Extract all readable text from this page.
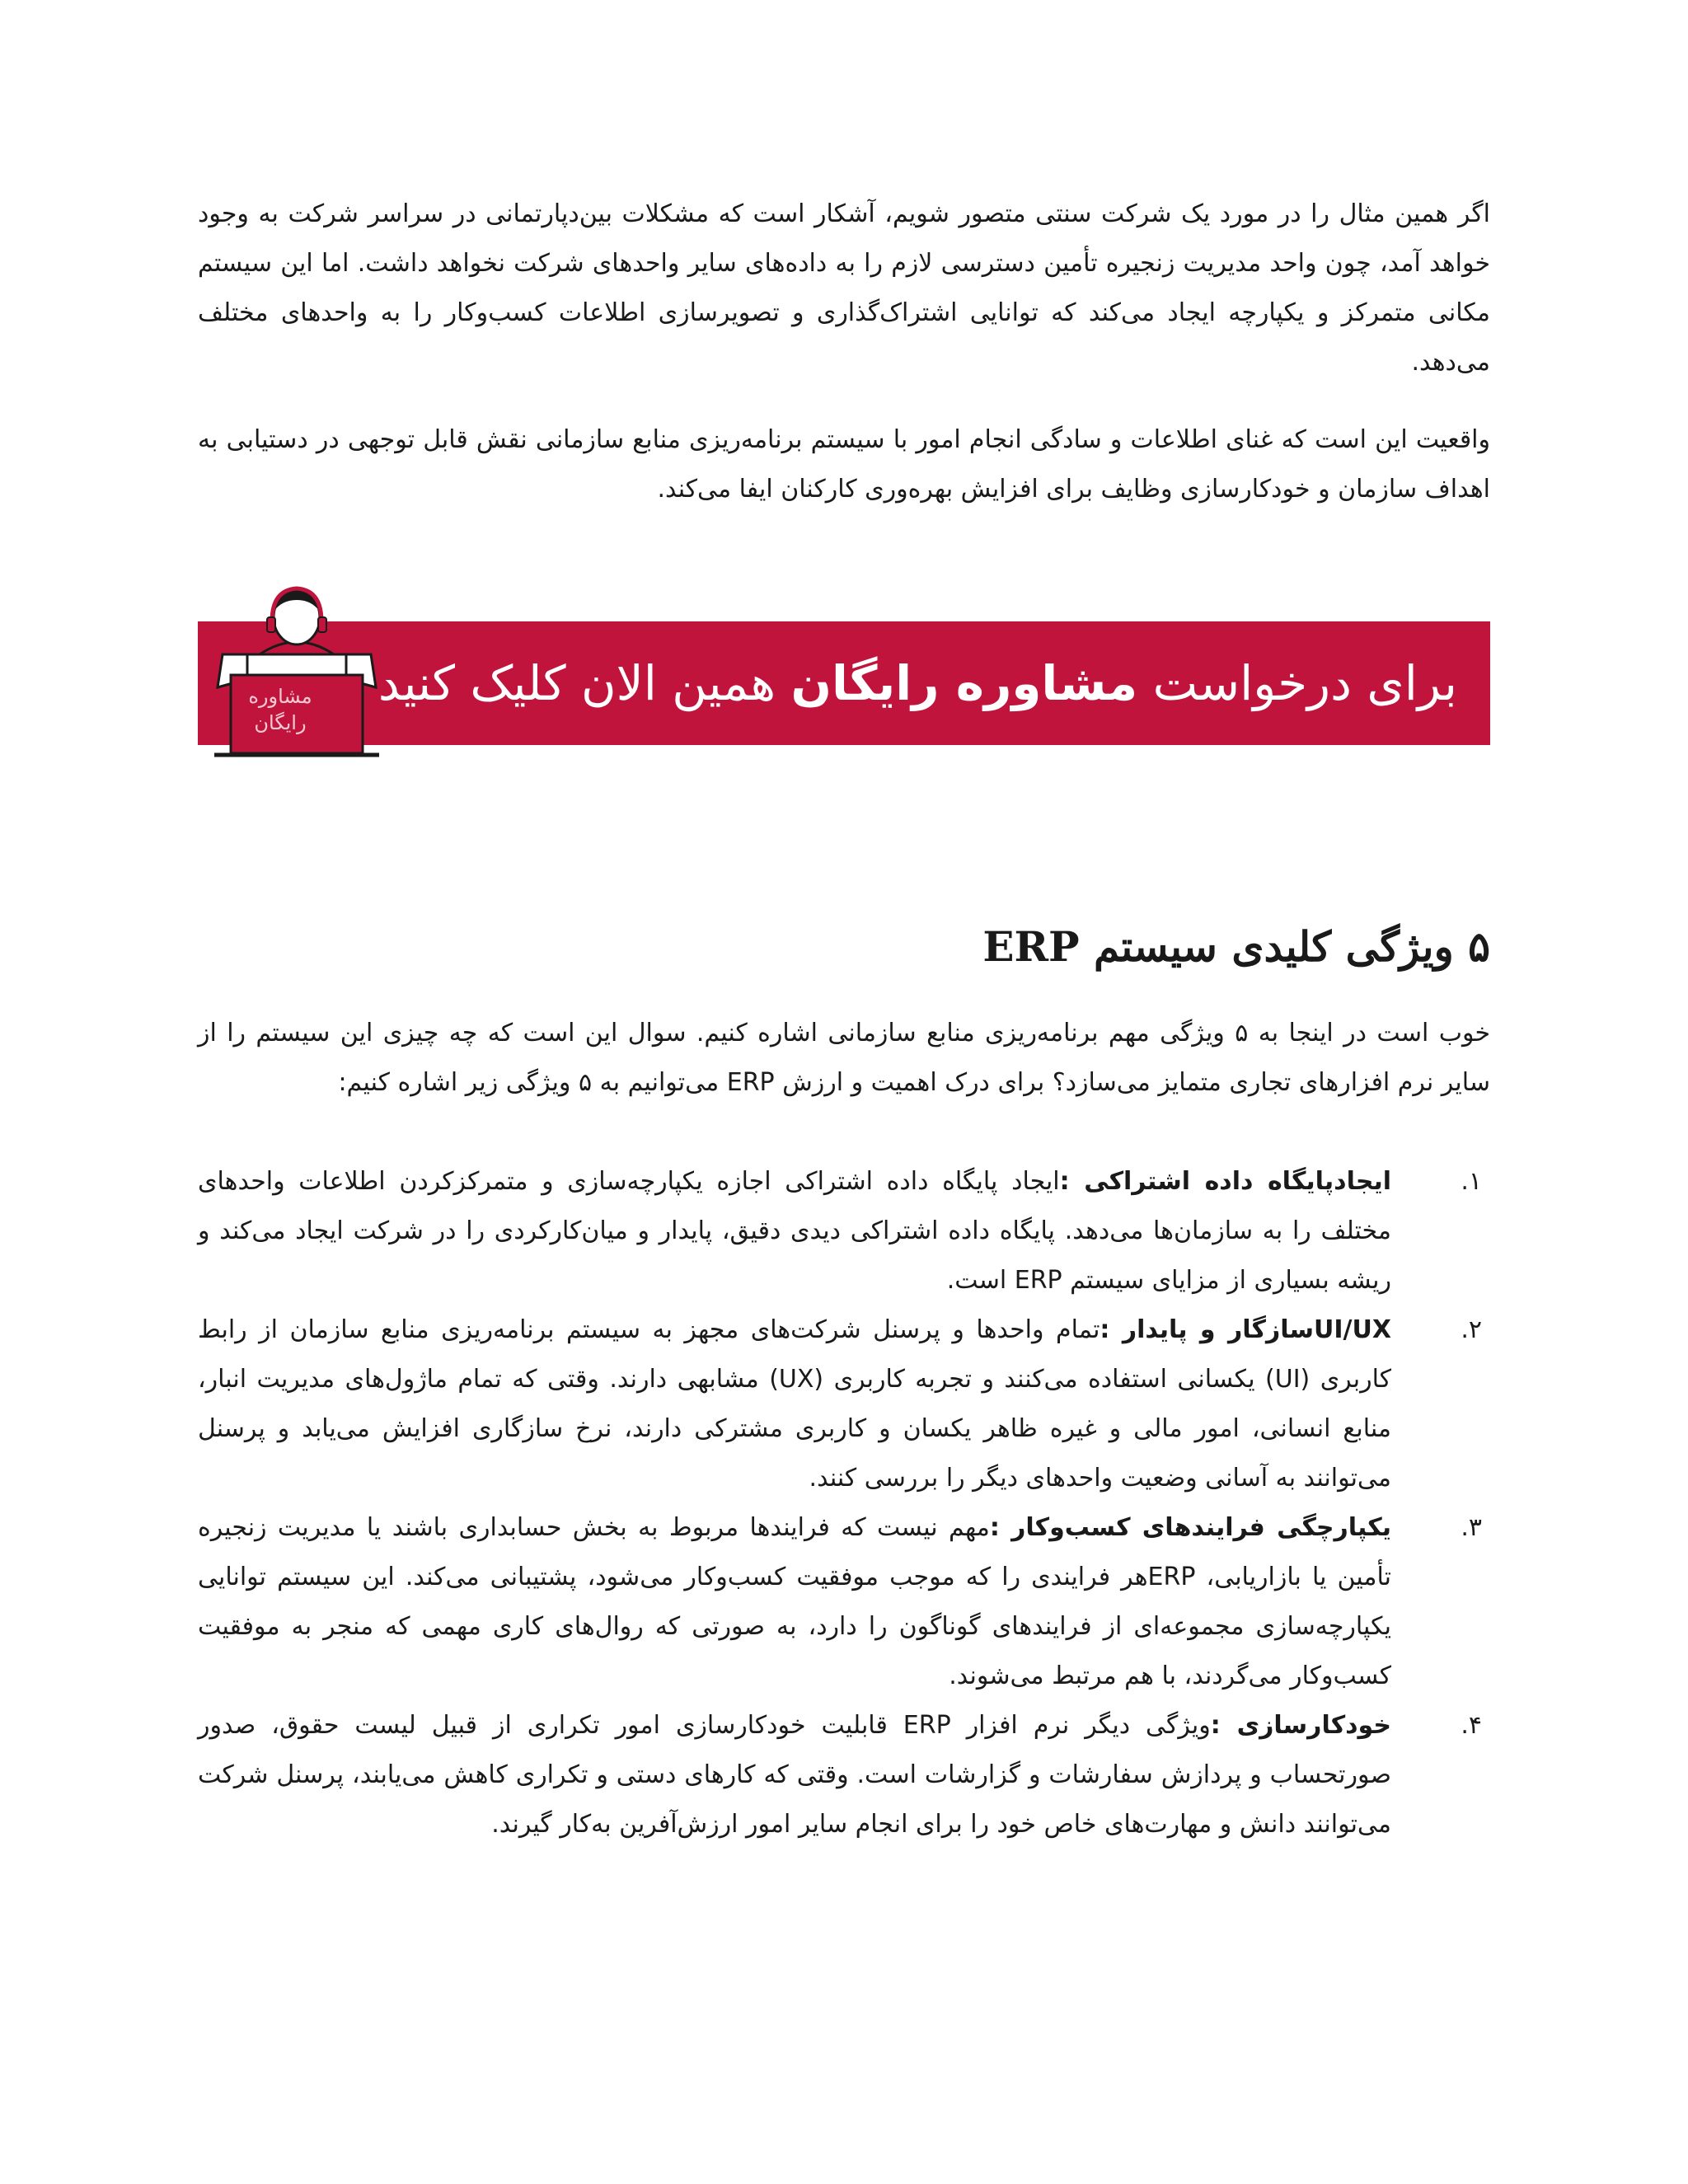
اگر همین مثال را در مورد یک شرکت سنتی متصور شویم، آشکار است که مشکلات بین‌دپارتمانی در سراسر شرکت به وجود خواهد آمد، چون واحد مدیریت زنجیره تأمین دسترسی لازم را به داده‌های سایر واحدهای شرکت نخواهد داشت. اما این سیستم مکانی متمرکز و یکپارچه ایجاد می‌کند که توانایی اشتراک‌گذاری و تصویرسازی اطلاعات کسب‌وکار را به واحدهای مختلف می‌دهد.

واقعیت این است که غنای اطلاعات و سادگی انجام امور با سیستم برنامه‌ریزی منابع سازمانی نقش قابل توجهی در دستیابی به اهداف سازمان و خودکارسازی وظایف برای افزایش بهره‌وری کارکنان ایفا می‌کند.

برای درخواست مشاوره رایگان همین الان کلیک کنید
مشاوره
رایگان
۵ ویژگی کلیدی سیستم ERP

خوب است در اینجا به ۵ ویژگی مهم برنامه‌ریزی منابع سازمانی اشاره کنیم. سوال این است که چه چیزی این سیستم را از سایر نرم افزارهای تجاری متمایز می‌سازد؟ برای درک اهمیت و ارزش ERP می‌توانیم به ۵ ویژگی زیر اشاره کنیم:

۱.
ایجادپایگاه داده اشتراکی :ایجاد پایگاه داده اشتراکی اجازه یکپارچه‌سازی و متمرکزکردن اطلاعات واحدهای مختلف را به سازمان‌ها می‌دهد. پایگاه داده اشتراکی دیدی دقیق، پایدار و میان‌کارکردی را در شرکت ایجاد می‌کند و ریشه بسیاری از مزایای سیستم ERP است.
۲.
UI/UXسازگار و پایدار :تمام واحدها و پرسنل شرکت‌های مجهز به سیستم برنامه‌ریزی منابع سازمان از رابط کاربری (UI) یکسانی استفاده می‌کنند و تجربه کاربری (UX) مشابهی دارند. وقتی که تمام ماژول‌های مدیریت انبار، منابع انسانی، امور مالی و غیره ظاهر یکسان و کاربری مشترکی دارند، نرخ سازگاری افزایش می‌یابد و پرسنل می‌توانند به آسانی وضعیت واحدهای دیگر را بررسی کنند.
۳.
یکپارچگی فرایندهای کسب‌وکار :مهم نیست که فرایندها مربوط به بخش حسابداری باشند یا مدیریت زنجیره تأمین یا بازاریابی، ERPهر فرایندی را که موجب موفقیت کسب‌وکار می‌شود، پشتیبانی می‌کند. این سیستم توانایی یکپارچه‌سازی مجموعه‌ای از فرایندهای گوناگون را دارد، به صورتی که روال‌های کاری مهمی که منجر به موفقیت کسب‌وکار می‌گردند، با هم مرتبط می‌شوند.
۴.
خودکارسازی :ویژگی دیگر نرم افزار ERP قابلیت خودکارسازی امور تکراری از قبیل لیست حقوق، صدور صورتحساب و پردازش سفارشات و گزارشات است. وقتی که کارهای دستی و تکراری کاهش می‌یابند، پرسنل شرکت می‌توانند دانش و مهارت‌های خاص خود را برای انجام سایر امور ارزش‌آفرین به‌کار گیرند.
